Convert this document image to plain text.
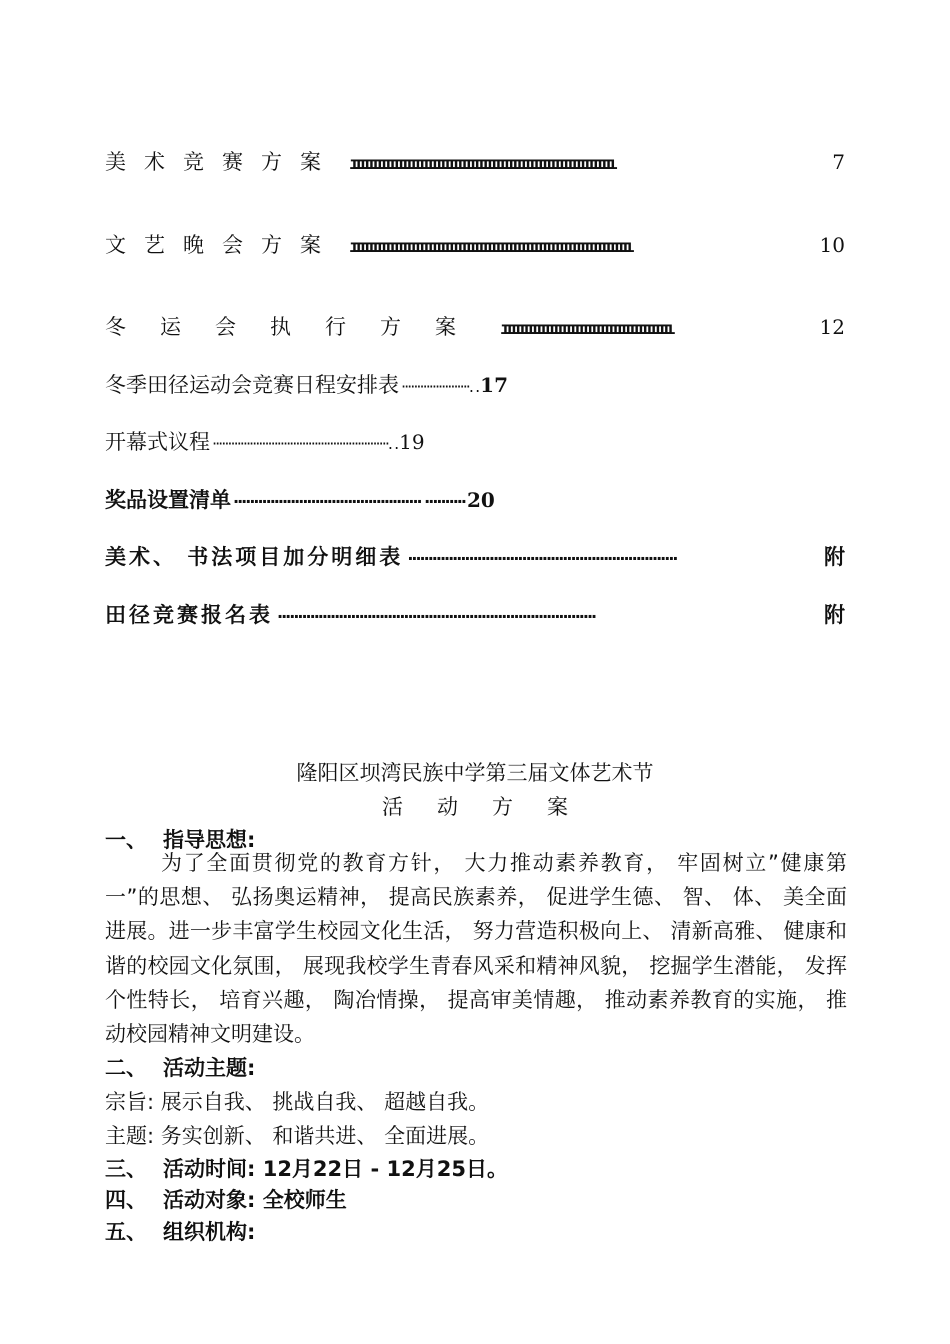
美术竞赛方案 ıııııııııııııııııııııııııııııııııııııııııııııııııııııııııııııı	7
文艺晚会方案 ıııııııııııııııııııııııııııııııııııııııııııııııııııııııııııııııııı	10
冬运会执行方案 ıııııııııııııııııııııııııııııııııııııııı	12
冬季田径运动会竞赛日程安排表 ······················. . 17
开幕式议程 ·························································. . 19
奖品设置清单 ·············································· ·········· 20
美术、 书法项目加分明细表 ··································································	附
田径竞赛报名表 ··············································································	附
隆阳区坝湾民族中学第三届文体艺术节
活动方案
一、 指导思想:
为了全面贯彻党的教育方针， 大力推动素养教育， 牢固树立”健康第一”的思想、 弘扬奥运精神， 提高民族素养， 促进学生德、 智、 体、 美全面进展。进一步丰富学生校园文化生活， 努力营造积极向上、 清新高雅、 健康和谐的校园文化氛围， 展现我校学生青春风采和精神风貌， 挖掘学生潜能， 发挥个性特长， 培育兴趣， 陶冶情操， 提高审美情趣， 推动素养教育的实施， 推动校园精神文明建设。
二、 活动主题:
宗旨: 展示自我、 挑战自我、 超越自我。
主题: 务实创新、 和谐共进、 全面进展。
三、 活动时间: 12月22日 - 12月25日。
四、 活动对象: 全校师生
五、 组织机构:
